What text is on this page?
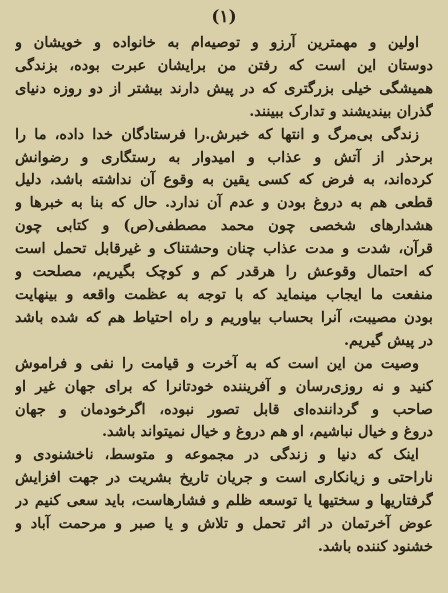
(۱)
اولین و مهمترین آرزو و توصیه‌ام به خانواده و خویشان و
دوستان این است که رفتن من برایشان عبرت بوده، بزندگی
همیشگی خیلی بزرگتری که در پیش دارند بیشتر از دو روزه دنیای
گذران بیندیشند و تدارک ببینند.
زندگی بی‌مرگ و انتها که خبرش.را فرستادگان خدا داده، ما را
برحذر از آتش و عذاب و امیدوار به رستگاری و رضوانش
کرده‌اند، به فرض که کسی یقین به وقوع آن نداشته باشد، دلیل
قطعی هم به دروغ بودن و عدم آن ندارد. حال که بنا به خبرها و
هشدارهای شخصی چون محمد مصطفی(ص) و کتابی چون
قرآن، شدت و مدت عذاب چنان وحشتناک و غیرقابل تحمل است
که احتمال وقوعش را هرقدر کم و کوچک بگیریم، مصلحت و
منفعت ما ایجاب مینماید که با توجه به عظمت واقعه و بینهایت
بودن مصیبت، آنرا بحساب بیاوریم و راه احتیاط هم که شده باشد
در پیش گیریم.
وصیت من این است که به آخرت و قیامت را نفی و فراموش
کنید و نه روزی‌رسان و آفریننده خودتانرا که برای جهان غیر او
صاحب و گرداننده‌ای قابل تصور نبوده، اگرخودمان و جهان
دروغ و خیال نباشیم، او هم دروغ و خیال نمیتواند باشد.
اینک که دنیا و زندگی در مجموعه و متوسط، ناخشنودی و
ناراحتی و زیانکاری است و جریان تاریخ بشریت در جهت افزایش
گرفتاریها و سختیها یا توسعه ظلم و فشارهاست، باید سعی کنیم در
عوض آخرتمان در اثر تحمل و تلاش و یا صبر و مرحمت آباد و
خشنود کننده باشد.
